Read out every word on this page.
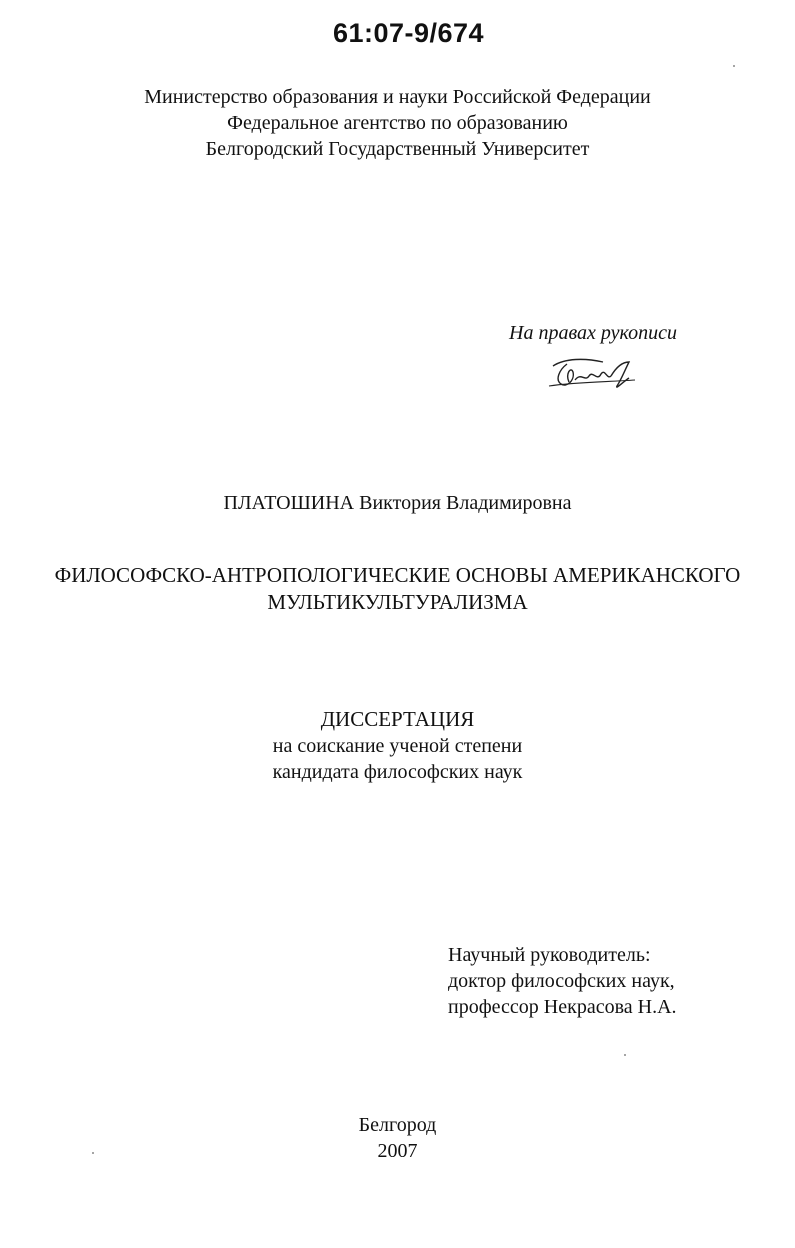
61:07-9/674
Министерство образования и науки Российской Федерации
Федеральное агентство по образованию
Белгородский Государственный Университет
На правах рукописи
ПЛАТОШИНА Виктория Владимировна
ФИЛОСОФСКО-АНТРОПОЛОГИЧЕСКИЕ ОСНОВЫ АМЕРИКАНСКОГО
МУЛЬТИКУЛЬТУРАЛИЗМА
ДИССЕРТАЦИЯ
на соискание ученой степени
кандидата философских наук
Научный руководитель:
доктор философских наук,
профессор Некрасова Н.А.
Белгород
2007
